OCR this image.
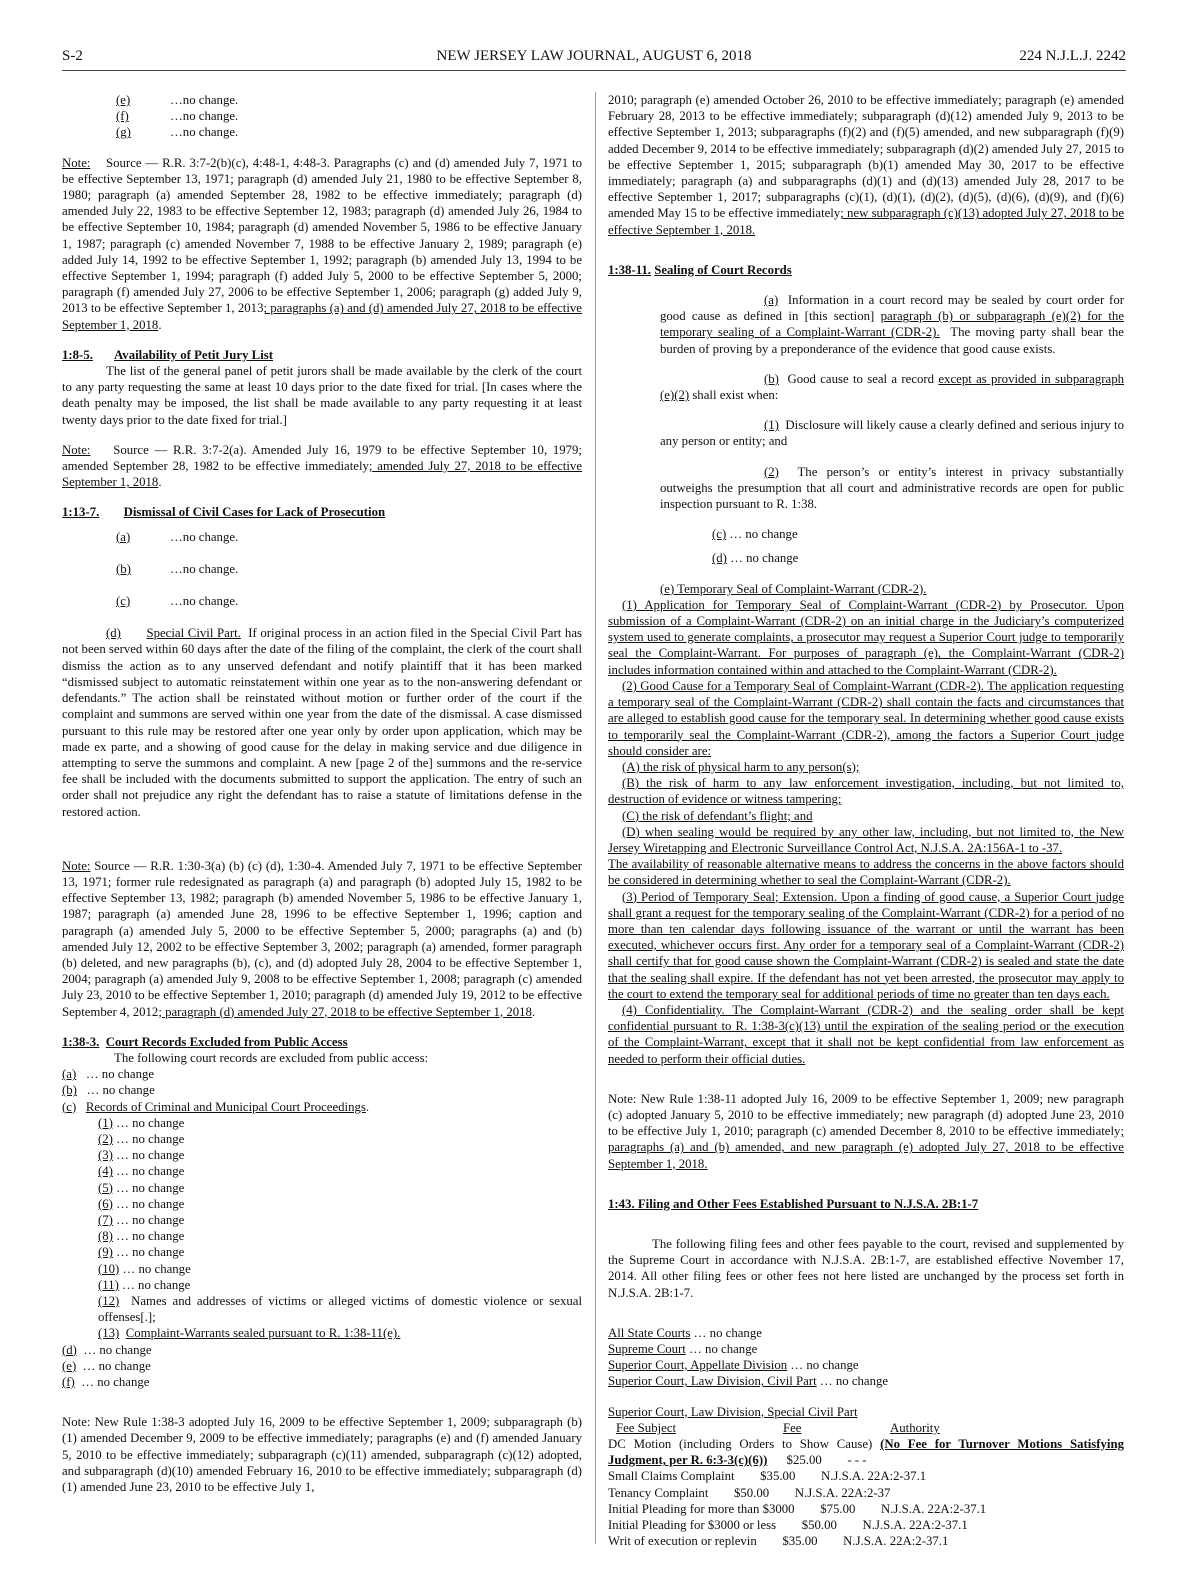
S-2	NEW JERSEY LAW JOURNAL, AUGUST 6, 2018	224 N.J.L.J. 2242

(e)	…no change.

(f)	…no change.

(g)	…no change.

Note: Source — R.R. 3:7-2(b)(c), 4:48-1, 4:48-3. Paragraphs (c) and (d) amended July 7, 1971 to be effective September 13, 1971; paragraph (d) amended July 21, 1980 to be effective September 8, 1980; paragraph (a) amended September 28, 1982 to be effective immediately; paragraph (d) amended July 22, 1983 to be effective September 12, 1983; paragraph (d) amended July 26, 1984 to be effective September 10, 1984; paragraph (d) amended November 5, 1986 to be effective January 1, 1987; paragraph (c) amended November 7, 1988 to be effective January 2, 1989; paragraph (e) added July 14, 1992 to be effective September 1, 1992; paragraph (b) amended July 13, 1994 to be effective September 1, 1994; paragraph (f) added July 5, 2000 to be effective September 5, 2000; paragraph (f) amended July 27, 2006 to be effective September 1, 2006; paragraph (g) added July 9, 2013 to be effective September 1, 2013; paragraphs (a) and (d) amended July 27, 2018 to be effective September 1, 2018.

1:8-5. Availability of Petit Jury List

The list of the general panel of petit jurors shall be made available by the clerk of the court to any party requesting the same at least 10 days prior to the date fixed for trial. [In cases where the death penalty may be imposed, the list shall be made available to any party requesting it at least twenty days prior to the date fixed for trial.]

Note: Source — R.R. 3:7-2(a). Amended July 16, 1979 to be effective September 10, 1979; amended September 28, 1982 to be effective immediately; amended July 27, 2018 to be effective September 1, 2018.

1:13-7. Dismissal of Civil Cases for Lack of Prosecution

(a)	…no change.

(b)	…no change.

(c)	…no change.

(d) Special Civil Part. If original process in an action filed in the Special Civil Part has not been served within 60 days after the date of the filing of the complaint, the clerk of the court shall dismiss the action as to any unserved defendant and notify plaintiff that it has been marked “dismissed subject to automatic reinstatement within one year as to the non-answering defendant or defendants.” The action shall be reinstated without motion or further order of the court if the complaint and summons are served within one year from the date of the dismissal. A case dismissed pursuant to this rule may be restored after one year only by order upon application, which may be made ex parte, and a showing of good cause for the delay in making service and due diligence in attempting to serve the summons and complaint. A new [page 2 of the] summons and the re-service fee shall be included with the documents submitted to support the application. The entry of such an order shall not prejudice any right the defendant has to raise a statute of limitations defense in the restored action.

Note: Source — R.R. 1:30-3(a) (b) (c) (d), 1:30-4. Amended July 7, 1971 to be effective September 13, 1971; former rule redesignated as paragraph (a) and paragraph (b) adopted July 15, 1982 to be effective September 13, 1982; paragraph (b) amended November 5, 1986 to be effective January 1, 1987; paragraph (a) amended June 28, 1996 to be effective September 1, 1996; caption and paragraph (a) amended July 5, 2000 to be effective September 5, 2000; paragraphs (a) and (b) amended July 12, 2002 to be effective September 3, 2002; paragraph (a) amended, former paragraph (b) deleted, and new paragraphs (b), (c), and (d) adopted July 28, 2004 to be effective September 1, 2004; paragraph (a) amended July 9, 2008 to be effective September 1, 2008; paragraph (c) amended July 23, 2010 to be effective September 1, 2010; paragraph (d) amended July 19, 2012 to be effective September 4, 2012; paragraph (d) amended July 27, 2018 to be effective September 1, 2018.

1:38-3. Court Records Excluded from Public Access

The following court records are excluded from public access:

(a) … no change

(b) … no change

(c) Records of Criminal and Municipal Court Proceedings.

(1) … no change

(2) … no change

(3) … no change

(4) … no change

(5) … no change

(6) … no change

(7) … no change

(8) … no change

(9) … no change

(10) … no change

(11) … no change

(12) Names and addresses of victims or alleged victims of domestic violence or sexual offenses[.];

(13) Complaint-Warrants sealed pursuant to R. 1:38-11(e).

(d) … no change

(e) … no change

(f) … no change

Note: New Rule 1:38-3 adopted July 16, 2009 to be effective September 1, 2009; subparagraph (b)(1) amended December 9, 2009 to be effective immediately; paragraphs (e) and (f) amended January 5, 2010 to be effective immediately; subparagraph (c)(11) amended, subparagraph (c)(12) adopted, and subparagraph (d)(10) amended February 16, 2010 to be effective immediately; subparagraph (d)(1) amended June 23, 2010 to be effective July 1,

2010; paragraph (e) amended October 26, 2010 to be effective immediately; paragraph (e) amended February 28, 2013 to be effective immediately; subparagraph (d)(12) amended July 9, 2013 to be effective September 1, 2013; subparagraphs (f)(2) and (f)(5) amended, and new subparagraph (f)(9) added December 9, 2014 to be effective immediately; subparagraph (d)(2) amended July 27, 2015 to be effective September 1, 2015; subparagraph (b)(1) amended May 30, 2017 to be effective immediately; paragraph (a) and subparagraphs (d)(1) and (d)(13) amended July 28, 2017 to be effective September 1, 2017; subparagraphs (c)(1), (d)(1), (d)(2), (d)(5), (d)(6), (d)(9), and (f)(6) amended May 15 to be effective immediately; new subparagraph (c)(13) adopted July 27, 2018 to be effective September 1, 2018.

1:38-11. Sealing of Court Records

(a) Information in a court record may be sealed by court order for good cause as defined in [this section] paragraph (b) or subparagraph (e)(2) for the temporary sealing of a Complaint-Warrant (CDR-2). The moving party shall bear the burden of proving by a preponderance of the evidence that good cause exists.

(b) Good cause to seal a record except as provided in subparagraph (e)(2) shall exist when:

(1) Disclosure will likely cause a clearly defined and serious injury to any person or entity; and

(2) The person’s or entity’s interest in privacy substantially outweighs the presumption that all court and administrative records are open for public inspection pursuant to R. 1:38.

(c) … no change

(d) … no change

(e) Temporary Seal of Complaint-Warrant (CDR-2).

(1) Application for Temporary Seal of Complaint-Warrant (CDR-2) by Prosecutor. Upon submission of a Complaint-Warrant (CDR-2) on an initial charge in the Judiciary’s computerized system used to generate complaints, a prosecutor may request a Superior Court judge to temporarily seal the Complaint-Warrant. For purposes of paragraph (e), the Complaint-Warrant (CDR-2) includes information contained within and attached to the Complaint-Warrant (CDR-2).

(2) Good Cause for a Temporary Seal of Complaint-Warrant (CDR-2). The application requesting a temporary seal of the Complaint-Warrant (CDR-2) shall contain the facts and circumstances that are alleged to establish good cause for the temporary seal. In determining whether good cause exists to temporarily seal the Complaint-Warrant (CDR-2), among the factors a Superior Court judge should consider are:

(A) the risk of physical harm to any person(s);

(B) the risk of harm to any law enforcement investigation, including, but not limited to, destruction of evidence or witness tampering;

(C) the risk of defendant’s flight; and

(D) when sealing would be required by any other law, including, but not limited to, the New Jersey Wiretapping and Electronic Surveillance Control Act, N.J.S.A. 2A:156A-1 to -37.

The availability of reasonable alternative means to address the concerns in the above factors should be considered in determining whether to seal the Complaint-Warrant (CDR-2).

(3) Period of Temporary Seal; Extension. Upon a finding of good cause, a Superior Court judge shall grant a request for the temporary sealing of the Complaint-Warrant (CDR-2) for a period of no more than ten calendar days following issuance of the warrant or until the warrant has been executed, whichever occurs first. Any order for a temporary seal of a Complaint-Warrant (CDR-2) shall certify that for good cause shown the Complaint-Warrant (CDR-2) is sealed and state the date that the sealing shall expire. If the defendant has not yet been arrested, the prosecutor may apply to the court to extend the temporary seal for additional periods of time no greater than ten days each.

(4) Confidentiality. The Complaint-Warrant (CDR-2) and the sealing order shall be kept confidential pursuant to R. 1:38-3(c)(13) until the expiration of the sealing period or the execution of the Complaint-Warrant, except that it shall not be kept confidential from law enforcement as needed to perform their official duties.

Note: New Rule 1:38-11 adopted July 16, 2009 to be effective September 1, 2009; new paragraph (c) adopted January 5, 2010 to be effective immediately; new paragraph (d) adopted June 23, 2010 to be effective July 1, 2010; paragraph (c) amended December 8, 2010 to be effective immediately; paragraphs (a) and (b) amended, and new paragraph (e) adopted July 27, 2018 to be effective September 1, 2018.

1:43. Filing and Other Fees Established Pursuant to N.J.S.A. 2B:1-7

The following filing fees and other fees payable to the court, revised and supplemented by the Supreme Court in accordance with N.J.S.A. 2B:1-7, are established effective November 17, 2014. All other filing fees or other fees not here listed are unchanged by the process set forth in N.J.S.A. 2B:1-7.

All State Courts … no change

Supreme Court … no change

Superior Court, Appellate Division … no change

Superior Court, Law Division, Civil Part … no change

Superior Court, Law Division, Special Civil Part

Fee Subject	Fee	Authority

DC Motion (including Orders to Show Cause) (No Fee for Turnover Motions Satisfying Judgment, per R. 6:3-3(c)(6)) $25.00 - - -

Small Claims Complaint $35.00 N.J.S.A. 22A:2-37.1

Tenancy Complaint $50.00 N.J.S.A. 22A:2-37

Initial Pleading for more than $3000 $75.00 N.J.S.A. 22A:2-37.1

Initial Pleading for $3000 or less $50.00 N.J.S.A. 22A:2-37.1

Writ of execution or replevin $35.00 N.J.S.A. 22A:2-37.1
